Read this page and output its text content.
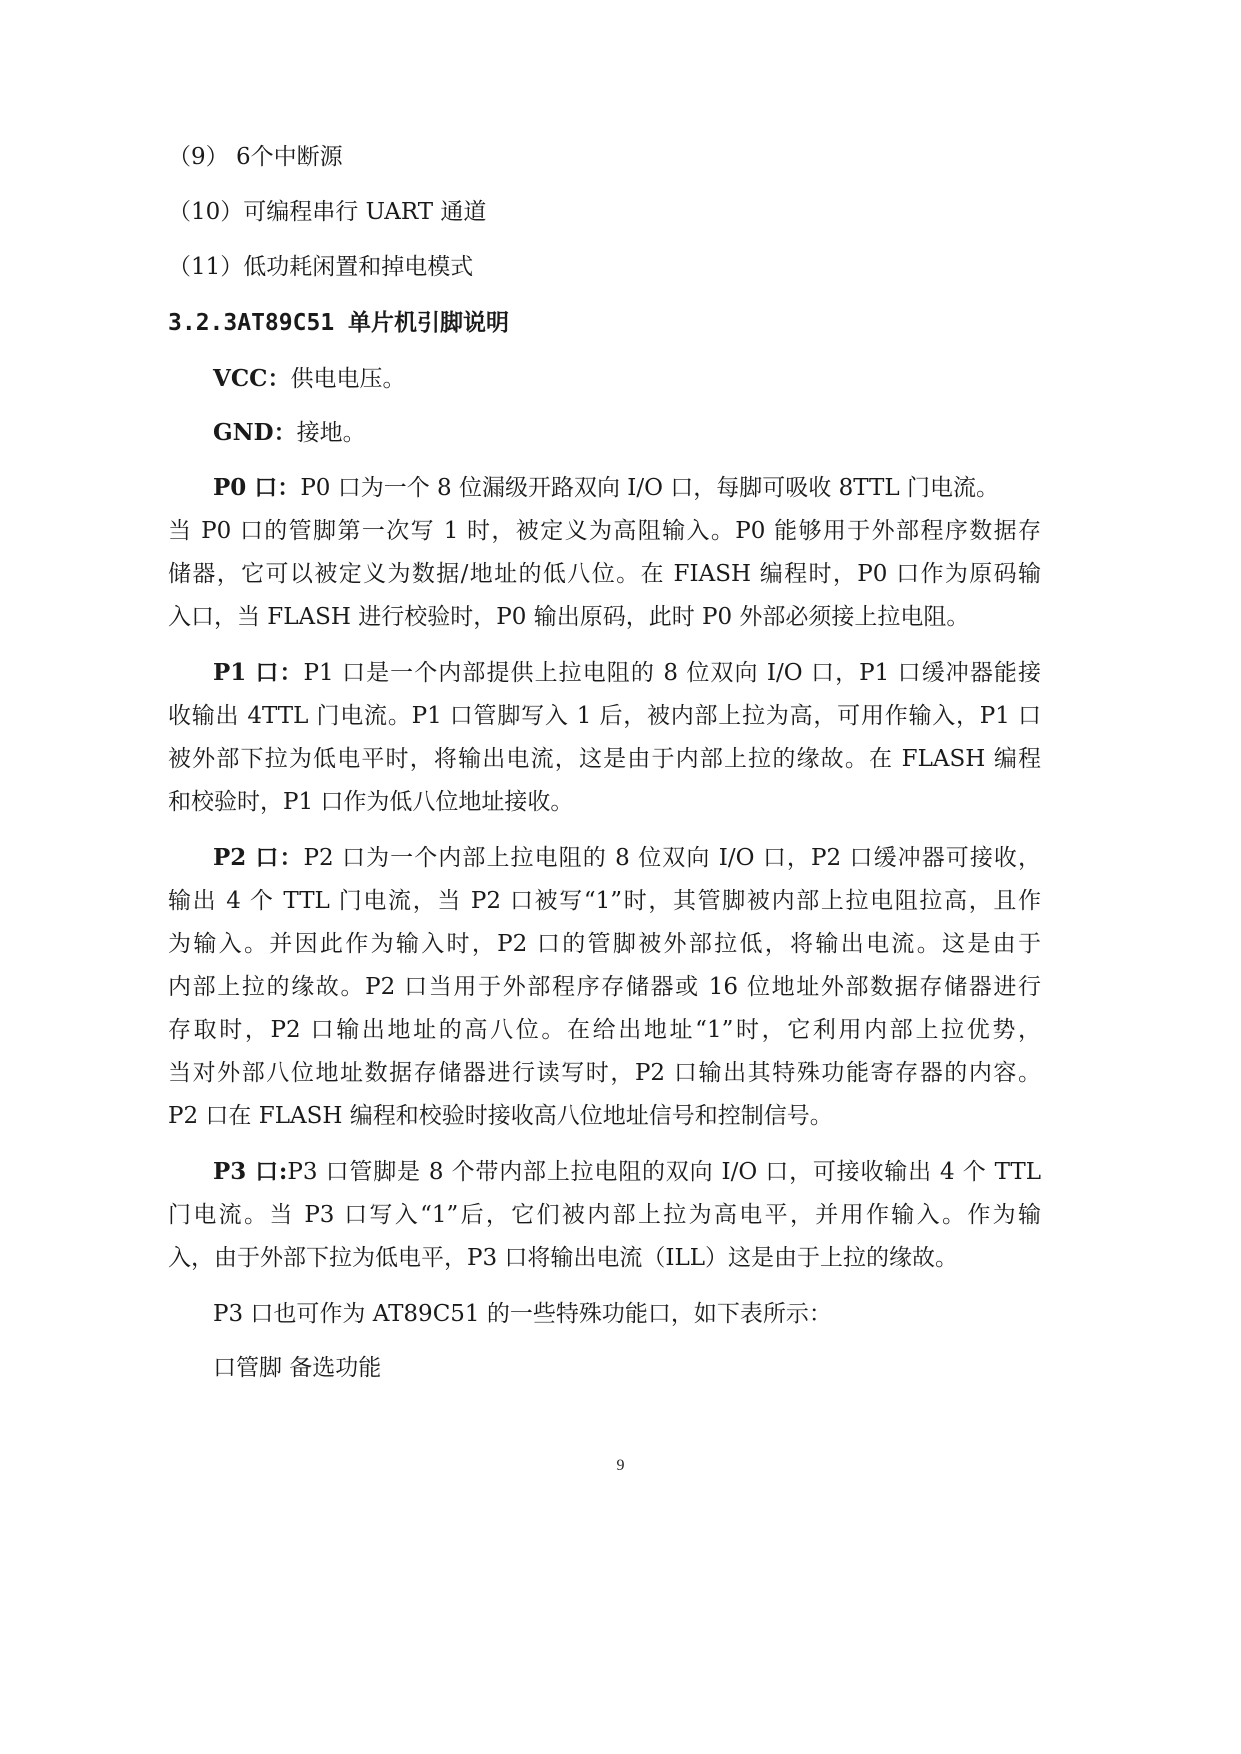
（9） 6个中断源
（10）可编程串行 UART 通道
（11）低功耗闲置和掉电模式
3.2.3AT89C51 单片机引脚说明
VCC：供电电压。
GND：接地。
P0 口：P0 口为一个 8 位漏级开路双向 I/O 口，每脚可吸收 8TTL 门电流。
当 P0 口的管脚第一次写 1 时，被定义为高阻输入。P0 能够用于外部程序数据存
储器，它可以被定义为数据/地址的低八位。在 FIASH 编程时，P0 口作为原码输
入口，当 FLASH 进行校验时，P0 输出原码，此时 P0 外部必须接上拉电阻。
P1 口：P1 口是一个内部提供上拉电阻的 8 位双向 I/O 口，P1 口缓冲器能接
收输出 4TTL 门电流。P1 口管脚写入 1 后，被内部上拉为高，可用作输入，P1 口
被外部下拉为低电平时，将输出电流，这是由于内部上拉的缘故。在 FLASH 编程
和校验时，P1 口作为低八位地址接收。
P2 口：P2 口为一个内部上拉电阻的 8 位双向 I/O 口，P2 口缓冲器可接收，
输出 4 个 TTL 门电流，当 P2 口被写“1”时，其管脚被内部上拉电阻拉高，且作
为输入。并因此作为输入时，P2 口的管脚被外部拉低，将输出电流。这是由于
内部上拉的缘故。P2 口当用于外部程序存储器或 16 位地址外部数据存储器进行
存取时，P2 口输出地址的高八位。在给出地址“1”时，它利用内部上拉优势，
当对外部八位地址数据存储器进行读写时，P2 口输出其特殊功能寄存器的内容。
P2 口在 FLASH 编程和校验时接收高八位地址信号和控制信号。
P3 口:P3 口管脚是 8 个带内部上拉电阻的双向 I/O 口，可接收输出 4 个 TTL
门电流。当 P3 口写入“1”后，它们被内部上拉为高电平，并用作输入。作为输
入，由于外部下拉为低电平，P3 口将输出电流（ILL）这是由于上拉的缘故。
P3 口也可作为 AT89C51 的一些特殊功能口，如下表所示：
口管脚 备选功能
9
